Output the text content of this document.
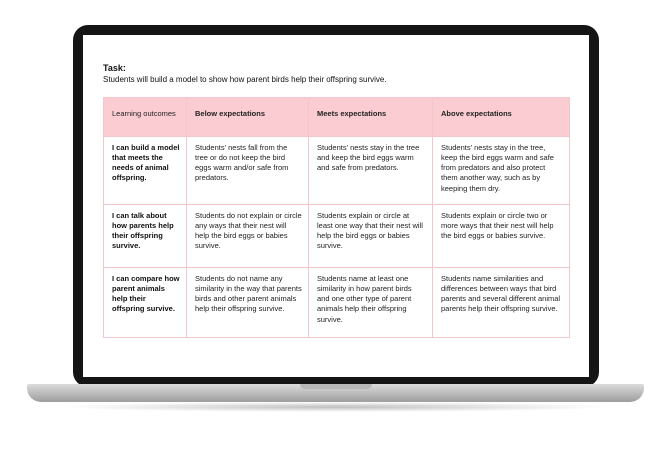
Task:
Students will build a model to show how parent birds help their offspring survive.
Learning outcomes	Below expectations	Meets expectations	Above expectations
I can build a model that meets the needs of animal offspring.	Students’ nests fall from the tree or do not keep the bird eggs warm and/or safe from predators.	Students’ nests stay in the tree and keep the bird eggs warm and safe from predators.	Students’ nests stay in the tree, keep the bird eggs warm and safe from predators and also protect them another way, such as by keeping them dry.
I can talk about how parents help their offspring survive.	Students do not explain or circle any ways that their nest will help the bird eggs or babies survive.	Students explain or circle at least one way that their nest will help the bird eggs or babies survive.	Students explain or circle two or more ways that their nest will help the bird eggs or babies survive.
I can compare how parent animals help their offspring survive.	Students do not name any similarity in the way that parents birds and other parent animals help their offspring survive.	Students name at least one similarity in how parent birds and one other type of parent animals help their offspring survive.	Students name similarities and differences between ways that bird parents and several different animal parents help their offspring survive.
